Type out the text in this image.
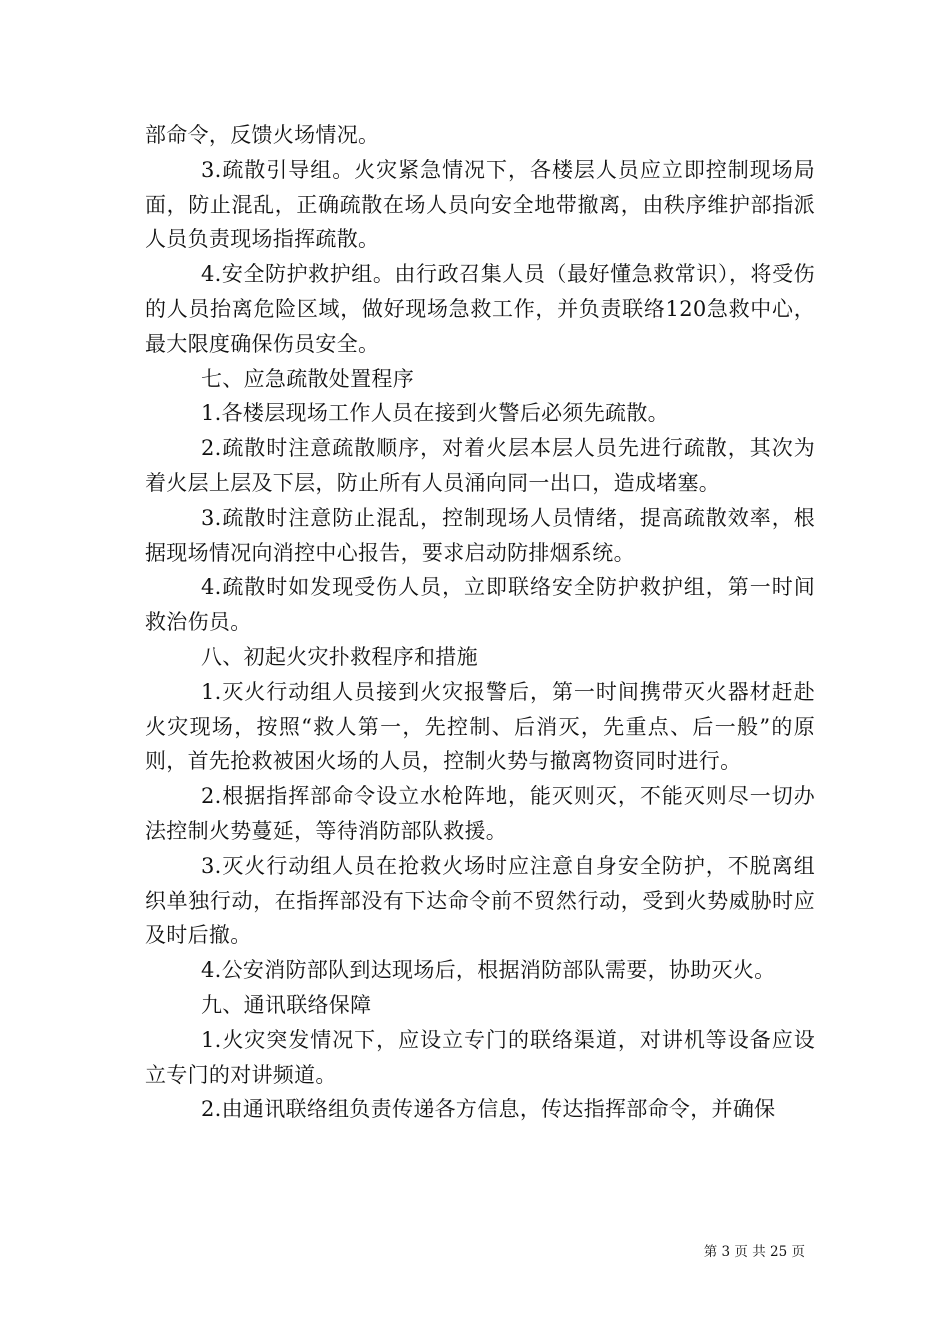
部命令，反馈火场情况。

3.疏散引导组。火灾紧急情况下，各楼层人员应立即控制现场局面，防止混乱，正确疏散在场人员向安全地带撤离，由秩序维护部指派人员负责现场指挥疏散。

4.安全防护救护组。由行政召集人员（最好懂急救常识），将受伤的人员抬离危险区域，做好现场急救工作，并负责联络120急救中心，最大限度确保伤员安全。

七、应急疏散处置程序

1.各楼层现场工作人员在接到火警后必须先疏散。

2.疏散时注意疏散顺序，对着火层本层人员先进行疏散，其次为着火层上层及下层，防止所有人员涌向同一出口，造成堵塞。

3.疏散时注意防止混乱，控制现场人员情绪，提高疏散效率，根据现场情况向消控中心报告，要求启动防排烟系统。

4.疏散时如发现受伤人员，立即联络安全防护救护组，第一时间救治伤员。

八、初起火灾扑救程序和措施

1.灭火行动组人员接到火灾报警后，第一时间携带灭火器材赶赴火灾现场，按照“救人第一，先控制、后消灭，先重点、后一般”的原则，首先抢救被困火场的人员，控制火势与撤离物资同时进行。

2.根据指挥部命令设立水枪阵地，能灭则灭，不能灭则尽一切办法控制火势蔓延，等待消防部队救援。

3.灭火行动组人员在抢救火场时应注意自身安全防护，不脱离组织单独行动，在指挥部没有下达命令前不贸然行动，受到火势威胁时应及时后撤。

4.公安消防部队到达现场后，根据消防部队需要，协助灭火。

九、通讯联络保障

1.火灾突发情况下，应设立专门的联络渠道，对讲机等设备应设立专门的对讲频道。

2.由通讯联络组负责传递各方信息，传达指挥部命令，并确保

第 3 页 共 25 页
